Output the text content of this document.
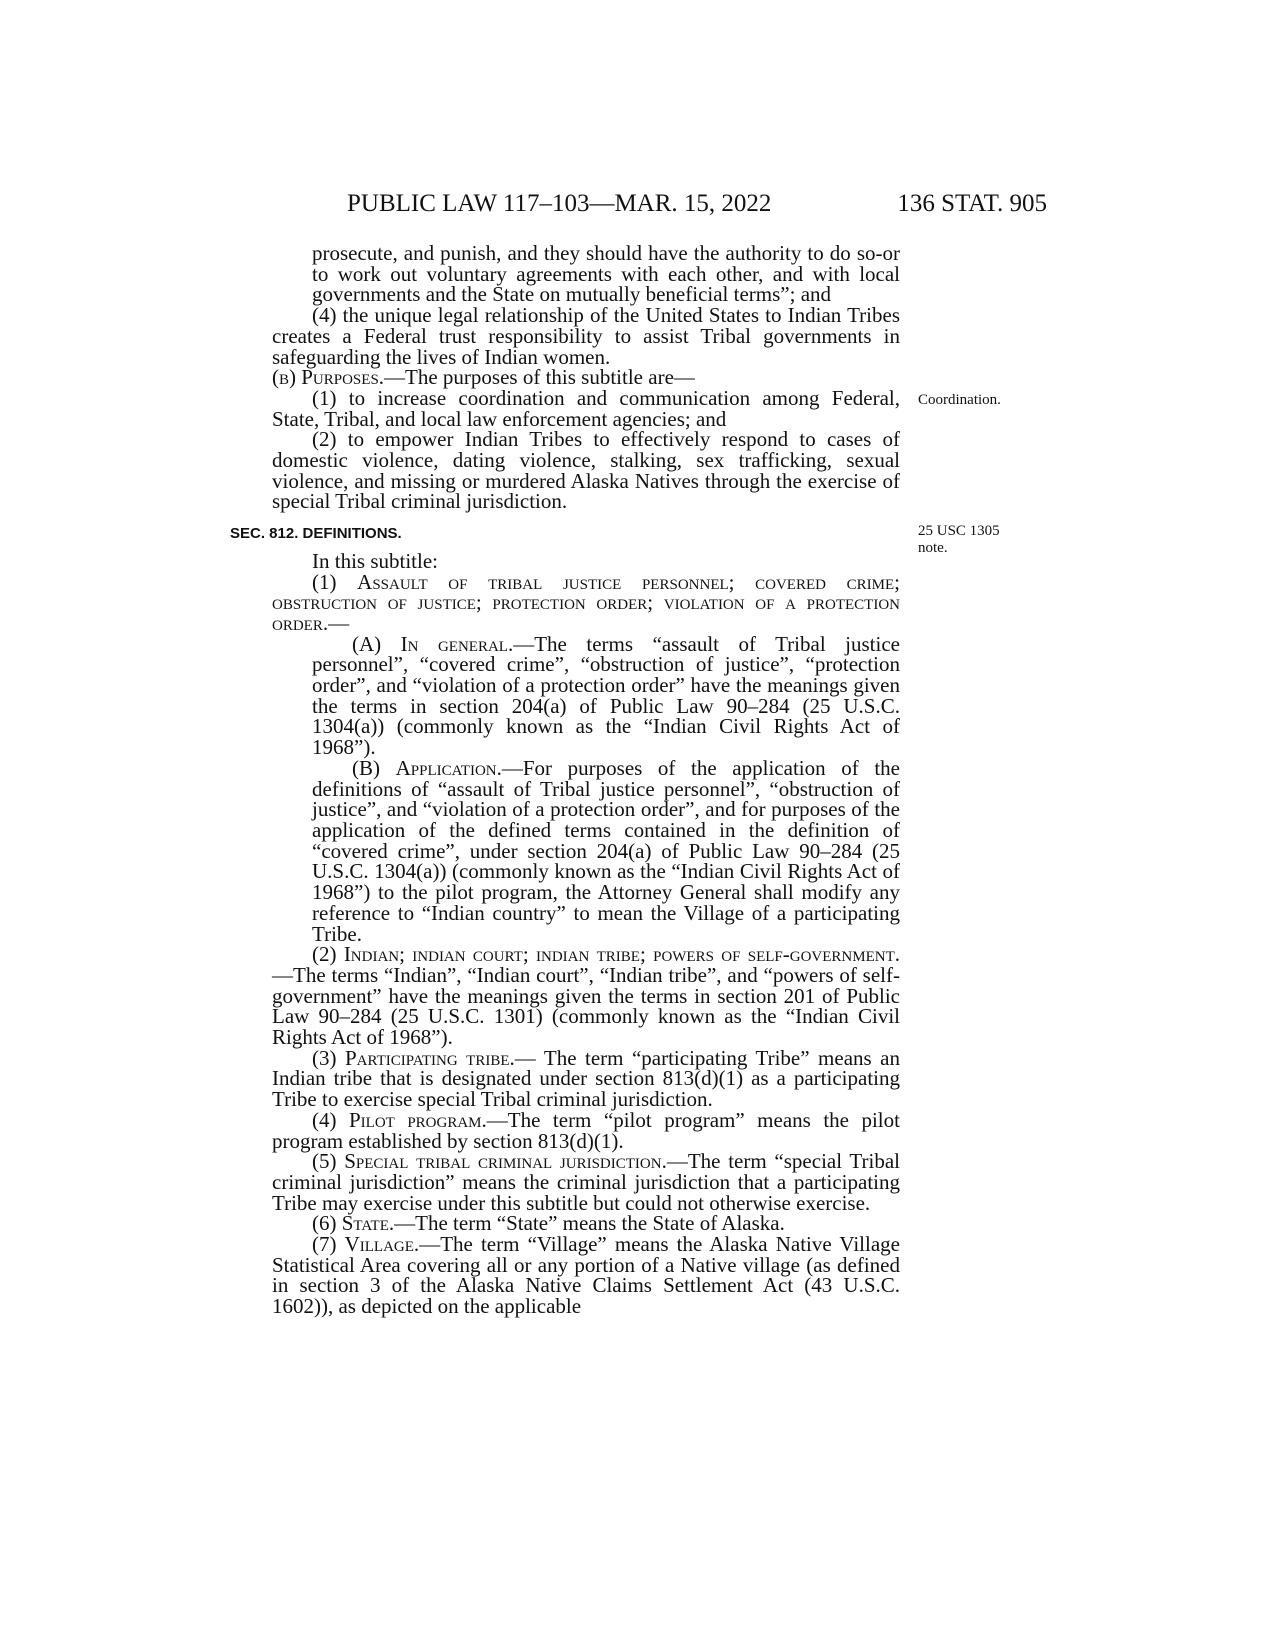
PUBLIC LAW 117–103—MAR. 15, 2022	136 STAT. 905
Coordination.
25 USC 1305
note.

prosecute, and punish, and they should have the authority to do so-or to work out voluntary agreements with each other, and with local governments and the State on mutually beneficial terms”; and

(4) the unique legal relationship of the United States to Indian Tribes creates a Federal trust responsibility to assist Tribal governments in safeguarding the lives of Indian women.

(b) Purposes.—The purposes of this subtitle are—

(1) to increase coordination and communication among Federal, State, Tribal, and local law enforcement agencies; and

(2) to empower Indian Tribes to effectively respond to cases of domestic violence, dating violence, stalking, sex trafficking, sexual violence, and missing or murdered Alaska Natives through the exercise of special Tribal criminal jurisdiction.

SEC. 812. DEFINITIONS.

In this subtitle:

(1) Assault of tribal justice personnel; covered crime; obstruction of justice; protection order; violation of a protection order.—

(A) In general.—The terms “assault of Tribal justice personnel”, “covered crime”, “obstruction of justice”, “protection order”, and “violation of a protection order” have the meanings given the terms in section 204(a) of Public Law 90–284 (25 U.S.C. 1304(a)) (commonly known as the “Indian Civil Rights Act of 1968”).

(B) Application.—For purposes of the application of the definitions of “assault of Tribal justice personnel”, “obstruction of justice”, and “violation of a protection order”, and for purposes of the application of the defined terms contained in the definition of “covered crime”, under section 204(a) of Public Law 90–284 (25 U.S.C. 1304(a)) (commonly known as the “Indian Civil Rights Act of 1968”) to the pilot program, the Attorney General shall modify any reference to “Indian country” to mean the Village of a participating Tribe.

(2) Indian; indian court; indian tribe; powers of self-government.—The terms “Indian”, “Indian court”, “Indian tribe”, and “powers of self-government” have the meanings given the terms in section 201 of Public Law 90–284 (25 U.S.C. 1301) (commonly known as the “Indian Civil Rights Act of 1968”).

(3) Participating tribe.— The term “participating Tribe” means an Indian tribe that is designated under section 813(d)(1) as a participating Tribe to exercise special Tribal criminal jurisdiction.

(4) Pilot program.—The term “pilot program” means the pilot program established by section 813(d)(1).

(5) Special tribal criminal jurisdiction.—The term “special Tribal criminal jurisdiction” means the criminal jurisdiction that a participating Tribe may exercise under this subtitle but could not otherwise exercise.

(6) State.—The term “State” means the State of Alaska.

(7) Village.—The term “Village” means the Alaska Native Village Statistical Area covering all or any portion of a Native village (as defined in section 3 of the Alaska Native Claims Settlement Act (43 U.S.C. 1602)), as depicted on the applicable
